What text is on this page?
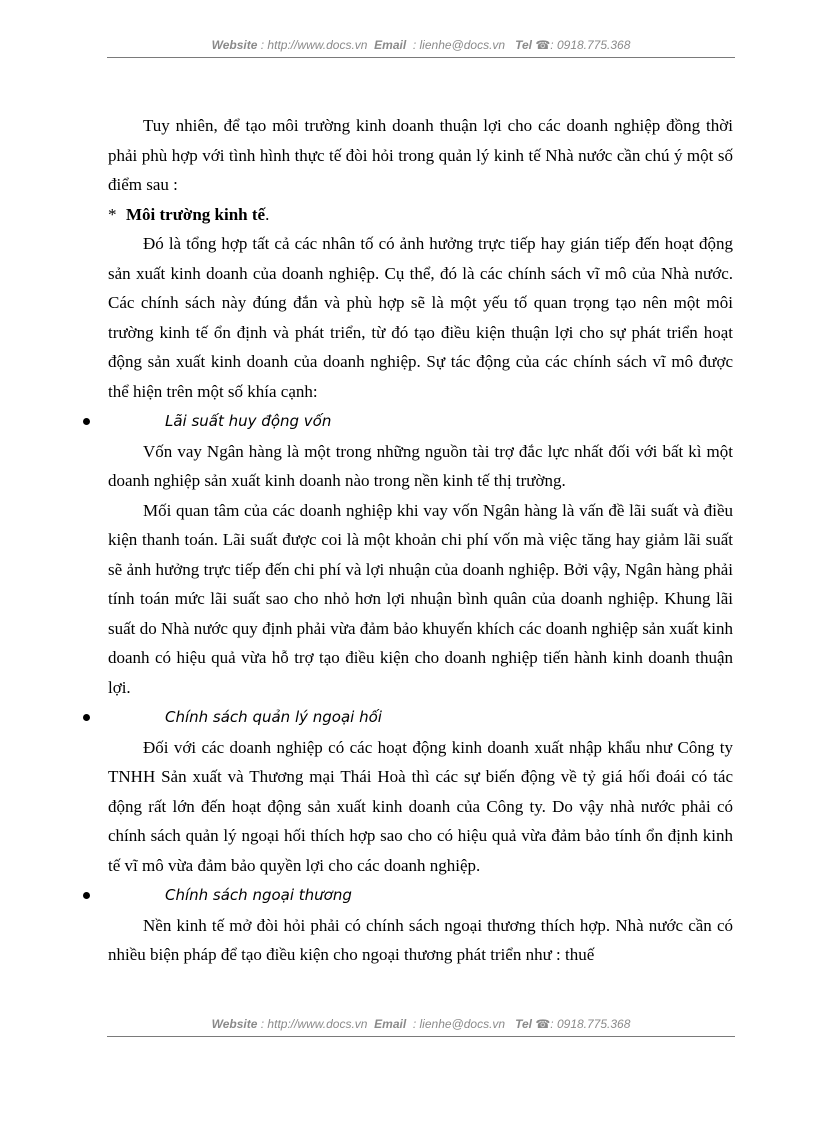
Website : http://www.docs.vn Email : lienhe@docs.vn Tel ☎: 0918.775.368

Tuy nhiên, để tạo môi trường kinh doanh thuận lợi cho các doanh nghiệp đồng thời phải phù hợp với tình hình thực tế đòi hỏi trong quản lý kinh tế Nhà nước cần chú ý một số điểm sau :

* Môi trường kinh tế.

Đó là tổng hợp tất cả các nhân tố có ảnh hưởng trực tiếp hay gián tiếp đến hoạt động sản xuất kinh doanh của doanh nghiệp. Cụ thể, đó là các chính sách vĩ mô của Nhà nước. Các chính sách này đúng đắn và phù hợp sẽ là một yếu tố quan trọng tạo nên một môi trường kinh tế ổn định và phát triển, từ đó tạo điều kiện thuận lợi cho sự phát triển hoạt động sản xuất kinh doanh của doanh nghiệp. Sự tác động của các chính sách vĩ mô được thể hiện trên một số khía cạnh:

Lãi suất huy động vốn

Vốn vay Ngân hàng là một trong những nguồn tài trợ đắc lực nhất đối với bất kì một doanh nghiệp sản xuất kinh doanh nào trong nền kinh tế thị trường.

Mối quan tâm của các doanh nghiệp khi vay vốn Ngân hàng là vấn đề lãi suất và điều kiện thanh toán. Lãi suất được coi là một khoản chi phí vốn mà việc tăng hay giảm lãi suất sẽ ảnh hưởng trực tiếp đến chi phí và lợi nhuận của doanh nghiệp. Bởi vậy, Ngân hàng phải tính toán mức lãi suất sao cho nhỏ hơn lợi nhuận bình quân của doanh nghiệp. Khung lãi suất do Nhà nước quy định phải vừa đảm bảo khuyến khích các doanh nghiệp sản xuất kinh doanh có hiệu quả vừa hỗ trợ tạo điều kiện cho doanh nghiệp tiến hành kinh doanh thuận lợi.

Chính sách quản lý ngoại hối

Đối với các doanh nghiệp có các hoạt động kinh doanh xuất nhập khẩu như Công ty TNHH Sản xuất và Thương mại Thái Hoà thì các sự biến động về tỷ giá hối đoái có tác động rất lớn đến hoạt động sản xuất kinh doanh của Công ty. Do vậy nhà nước phải có chính sách quản lý ngoại hối thích hợp sao cho có hiệu quả vừa đảm bảo tính ổn định kinh tế vĩ mô vừa đảm bảo quyền lợi cho các doanh nghiệp.

Chính sách ngoại thương

Nền kinh tế mở đòi hỏi phải có chính sách ngoại thương thích hợp. Nhà nước cần có nhiều biện pháp để tạo điều kiện cho ngoại thương phát triển như : thuế

Website : http://www.docs.vn Email : lienhe@docs.vn Tel ☎: 0918.775.368
